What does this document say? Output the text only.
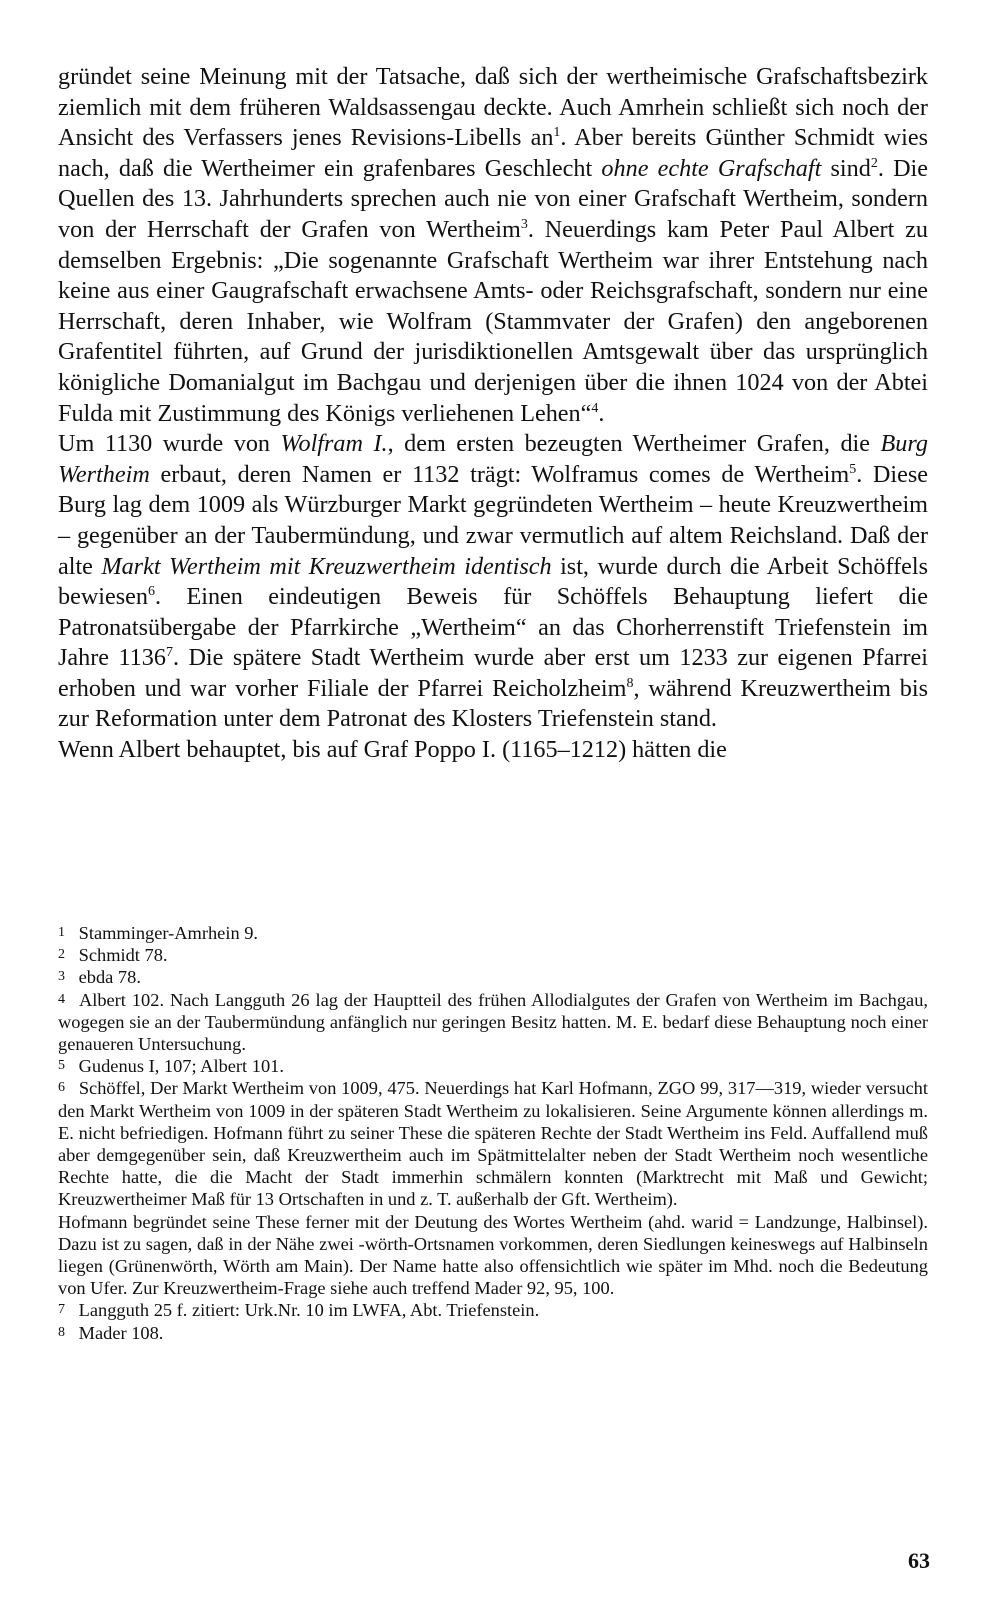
gründet seine Meinung mit der Tatsache, daß sich der wertheimische Grafschaftsbezirk ziemlich mit dem früheren Waldsassengau deckte. Auch Amrhein schließt sich noch der Ansicht des Verfassers jenes Revisions-Libells an$^1$. Aber bereits Günther Schmidt wies nach, daß die Wertheimer ein grafenbares Geschlecht ohne echte Grafschaft sind$^2$. Die Quellen des 13. Jahrhunderts sprechen auch nie von einer Grafschaft Wertheim, sondern von der Herrschaft der Grafen von Wertheim$^3$. Neuerdings kam Peter Paul Albert zu demselben Ergebnis: „Die sogenannte Grafschaft Wertheim war ihrer Entstehung nach keine aus einer Gaugrafschaft erwachsene Amts- oder Reichsgrafschaft, sondern nur eine Herrschaft, deren Inhaber, wie Wolfram (Stammvater der Grafen) den angeborenen Grafentitel führten, auf Grund der jurisdiktionellen Amtsgewalt über das ursprünglich königliche Domanialgut im Bachgau und derjenigen über die ihnen 1024 von der Abtei Fulda mit Zustimmung des Königs verliehenen Lehen“$^4$.

Um 1130 wurde von Wolfram I., dem ersten bezeugten Wertheimer Grafen, die Burg Wertheim erbaut, deren Namen er 1132 trägt: Wolframus comes de Wertheim$^5$. Diese Burg lag dem 1009 als Würzburger Markt gegründeten Wertheim – heute Kreuzwertheim – gegenüber an der Taubermündung, und zwar vermutlich auf altem Reichsland. Daß der alte Markt Wertheim mit Kreuzwertheim identisch ist, wurde durch die Arbeit Schöffels bewiesen$^6$. Einen eindeutigen Beweis für Schöffels Behauptung liefert die Patronatsübergabe der Pfarrkirche „Wertheim“ an das Chorherrenstift Triefenstein im Jahre 1136$^7$. Die spätere Stadt Wertheim wurde aber erst um 1233 zur eigenen Pfarrei erhoben und war vorher Filiale der Pfarrei Reicholzheim$^8$, während Kreuzwertheim bis zur Reformation unter dem Patronat des Klosters Triefenstein stand.

Wenn Albert behauptet, bis auf Graf Poppo I. (1165–1212) hätten die

1 Stamminger-Amrhein 9.

2 Schmidt 78.

3 ebda 78.

4 Albert 102. Nach Langguth 26 lag der Hauptteil des frühen Allodialgutes der Grafen von Wertheim im Bachgau, wogegen sie an der Taubermündung anfänglich nur geringen Besitz hatten. M. E. bedarf diese Behauptung noch einer genaueren Untersuchung.

5 Gudenus I, 107; Albert 101.

6 Schöffel, Der Markt Wertheim von 1009, 475. Neuerdings hat Karl Hofmann, ZGO 99, 317—319, wieder versucht den Markt Wertheim von 1009 in der späteren Stadt Wertheim zu lokalisieren. Seine Argumente können allerdings m. E. nicht befriedigen. Hofmann führt zu seiner These die späteren Rechte der Stadt Wertheim ins Feld. Auffallend muß aber demgegenüber sein, daß Kreuzwertheim auch im Spätmittelalter neben der Stadt Wertheim noch wesentliche Rechte hatte, die die Macht der Stadt immerhin schmälern konnten (Marktrecht mit Maß und Gewicht; Kreuzwertheimer Maß für 13 Ortschaften in und z. T. außerhalb der Gft. Wertheim).

Hofmann begründet seine These ferner mit der Deutung des Wortes Wertheim (ahd. warid = Landzunge, Halbinsel). Dazu ist zu sagen, daß in der Nähe zwei -wörth-Ortsnamen vorkommen, deren Siedlungen keineswegs auf Halbinseln liegen (Grünenwörth, Wörth am Main). Der Name hatte also offensichtlich wie später im Mhd. noch die Bedeutung von Ufer. Zur Kreuzwertheim-Frage siehe auch treffend Mader 92, 95, 100.

7 Langguth 25 f. zitiert: Urk.Nr. 10 im LWFA, Abt. Triefenstein.

8 Mader 108.

63
